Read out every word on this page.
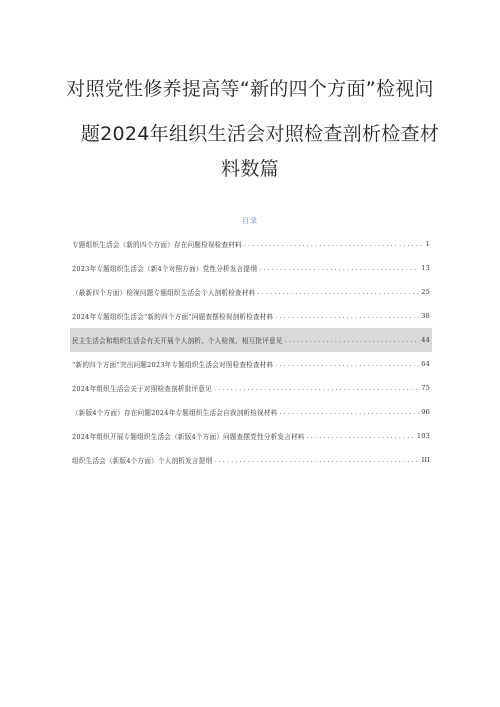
对照党性修养提高等“新的四个方面”检视问
题2024年组织生活会对照检查剖析检查材
料数篇
目录
专题组织生活会（新的四个方面）存在问题检视检查材料 . . .	1
2023年专题组织生活会（新4个对照方面）党性分析发言提纲 . . .	13
（最新四个方面）检视问题专题组织生活会个人剖析检查材料 . . .	25
2024年专题组织生活会“新的四个方面”问题查摆检视剖析检查材料 . . .	38
民主生活会和组织生活会有关开展个人剖析、个人检视、相互批评意见 . . .	44
“新的四个方面”突出问题2023年专题组织生活会对照检查检查材料 . . .	64
2024年组织生活会关于对照检查剖析批评意见 . . .	75
（新版4个方面）存在问题2024年专题组织生活会自我剖析检视材料 . . .	96
2024年组织开展专题组织生活会（新版4个方面）问题查摆党性分析发言材料 . . .	103
组织生活会（新版4个方面）个人剖析发言提纲 . . .	III
